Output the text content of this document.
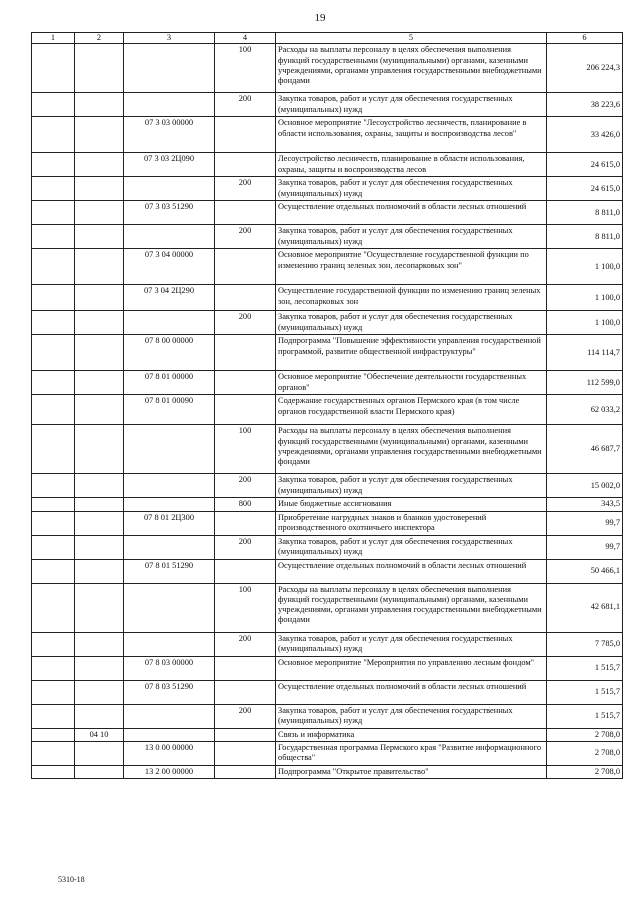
19
1	2	3	4	5	6
			100	Расходы на выплаты персоналу в целях обеспечения выполнения функций государственными (муниципальными) органами, казенными учреждениями, органами управления государственными внебюджетными фондами	206 224,3
			200	Закупка товаров, работ и услуг для обеспечения государственных (муниципальных) нужд	38 223,6
		07 3 03 00000		Основное мероприятие "Лесоустройство лесничеств, планирование в области использования, охраны, защиты и воспроизводства лесов"	33 426,0
		07 3 03 2Ц090		Лесоустройство лесничеств, планирование в области использования, охраны, защиты и воспроизводства лесов	24 615,0
			200	Закупка товаров, работ и услуг для обеспечения государственных (муниципальных) нужд	24 615,0
		07 3 03 51290		Осуществление отдельных полномочий в области лесных отношений	8 811,0
			200	Закупка товаров, работ и услуг для обеспечения государственных (муниципальных) нужд	8 811,0
		07 3 04 00000		Основное мероприятие "Осуществление государственной функции по изменению границ зеленых зон, лесопарковых зон"	1 100,0
		07 3 04 2Ц290		Осуществление государственной функции по изменению границ зеленых зон, лесопарковых зон	1 100,0
			200	Закупка товаров, работ и услуг для обеспечения государственных (муниципальных) нужд	1 100,0
		07 8 00 00000		Подпрограмма "Повышение эффективности управления государственной программой, развитие общественной инфраструктуры"	114 114,7
		07 8 01 00000		Основное мероприятие "Обеспечение деятельности государственных органов"	112 599,0
		07 8 01 00090		Содержание государственных органов Пермского края (в том числе органов государственной власти Пермского края)	62 033,2
			100	Расходы на выплаты персоналу в целях обеспечения выполнения функций государственными (муниципальными) органами, казенными учреждениями, органами управления государственными внебюджетными фондами	46 687,7
			200	Закупка товаров, работ и услуг для обеспечения государственных (муниципальных) нужд	15 002,0
			800	Иные бюджетные ассигнования	343,5
		07 8 01 2Ц300		Приобретение нагрудных знаков и бланков удостоверений производственного охотничьего инспектора	99,7
			200	Закупка товаров, работ и услуг для обеспечения государственных (муниципальных) нужд	99,7
		07 8 01 51290		Осуществление отдельных полномочий в области лесных отношений	50 466,1
			100	Расходы на выплаты персоналу в целях обеспечения выполнения функций государственными (муниципальными) органами, казенными учреждениями, органами управления государственными внебюджетными фондами	42 681,1
			200	Закупка товаров, работ и услуг для обеспечения государственных (муниципальных) нужд	7 785,0
		07 8 03 00000		Основное мероприятие "Мероприятия по управлению лесным фондом"	1 515,7
		07 8 03 51290		Осуществление отдельных полномочий в области лесных отношений	1 515,7
			200	Закупка товаров, работ и услуг для обеспечения государственных (муниципальных) нужд	1 515,7
	04 10			Связь и информатика	2 708,0
		13 0 00 00000		Государственная программа Пермского края "Развитие информационного общества"	2 708,0
		13 2 00 00000		Подпрограмма "Открытое правительство"	2 708,0
5310-18
